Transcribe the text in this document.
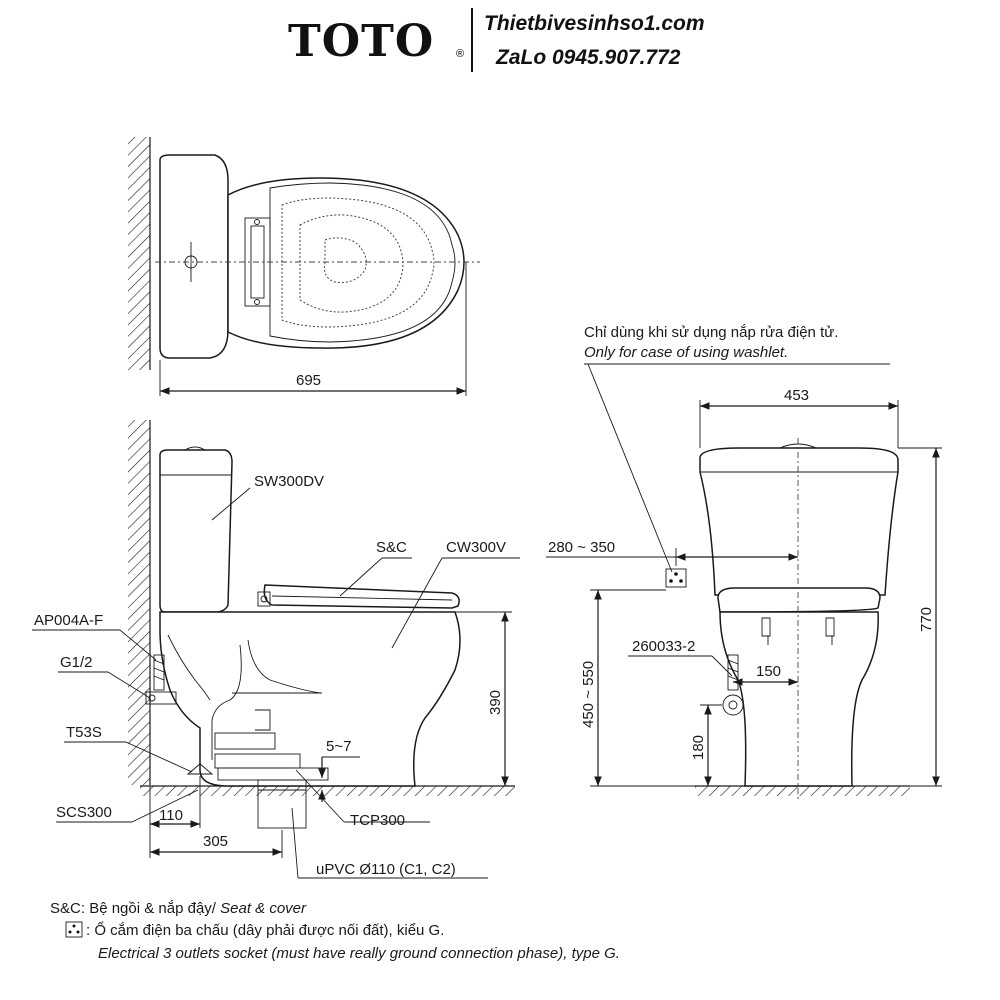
TOTO ®
Thietbivesinhso1.com
ZaLo 0945.907.772
695
390
5~7
110
305
SW300DV
S&C	CW300V
AP004A-F
G1/2
T53S
SCS300	TCP300
uPVC Ø110 (C1, C2)
Chỉ dùng khi sử dụng nắp rửa điện tử.
Only for case of using washlet.
453
280 ~ 350
770
450 ~ 550
260033-2
150
180
S&C: Bệ ngồi & nắp đậy/ Seat & cover
: Ổ cắm điện ba chấu (dây phải được nối đất), kiểu G.
Electrical 3 outlets socket (must have really ground connection phase), type G.
